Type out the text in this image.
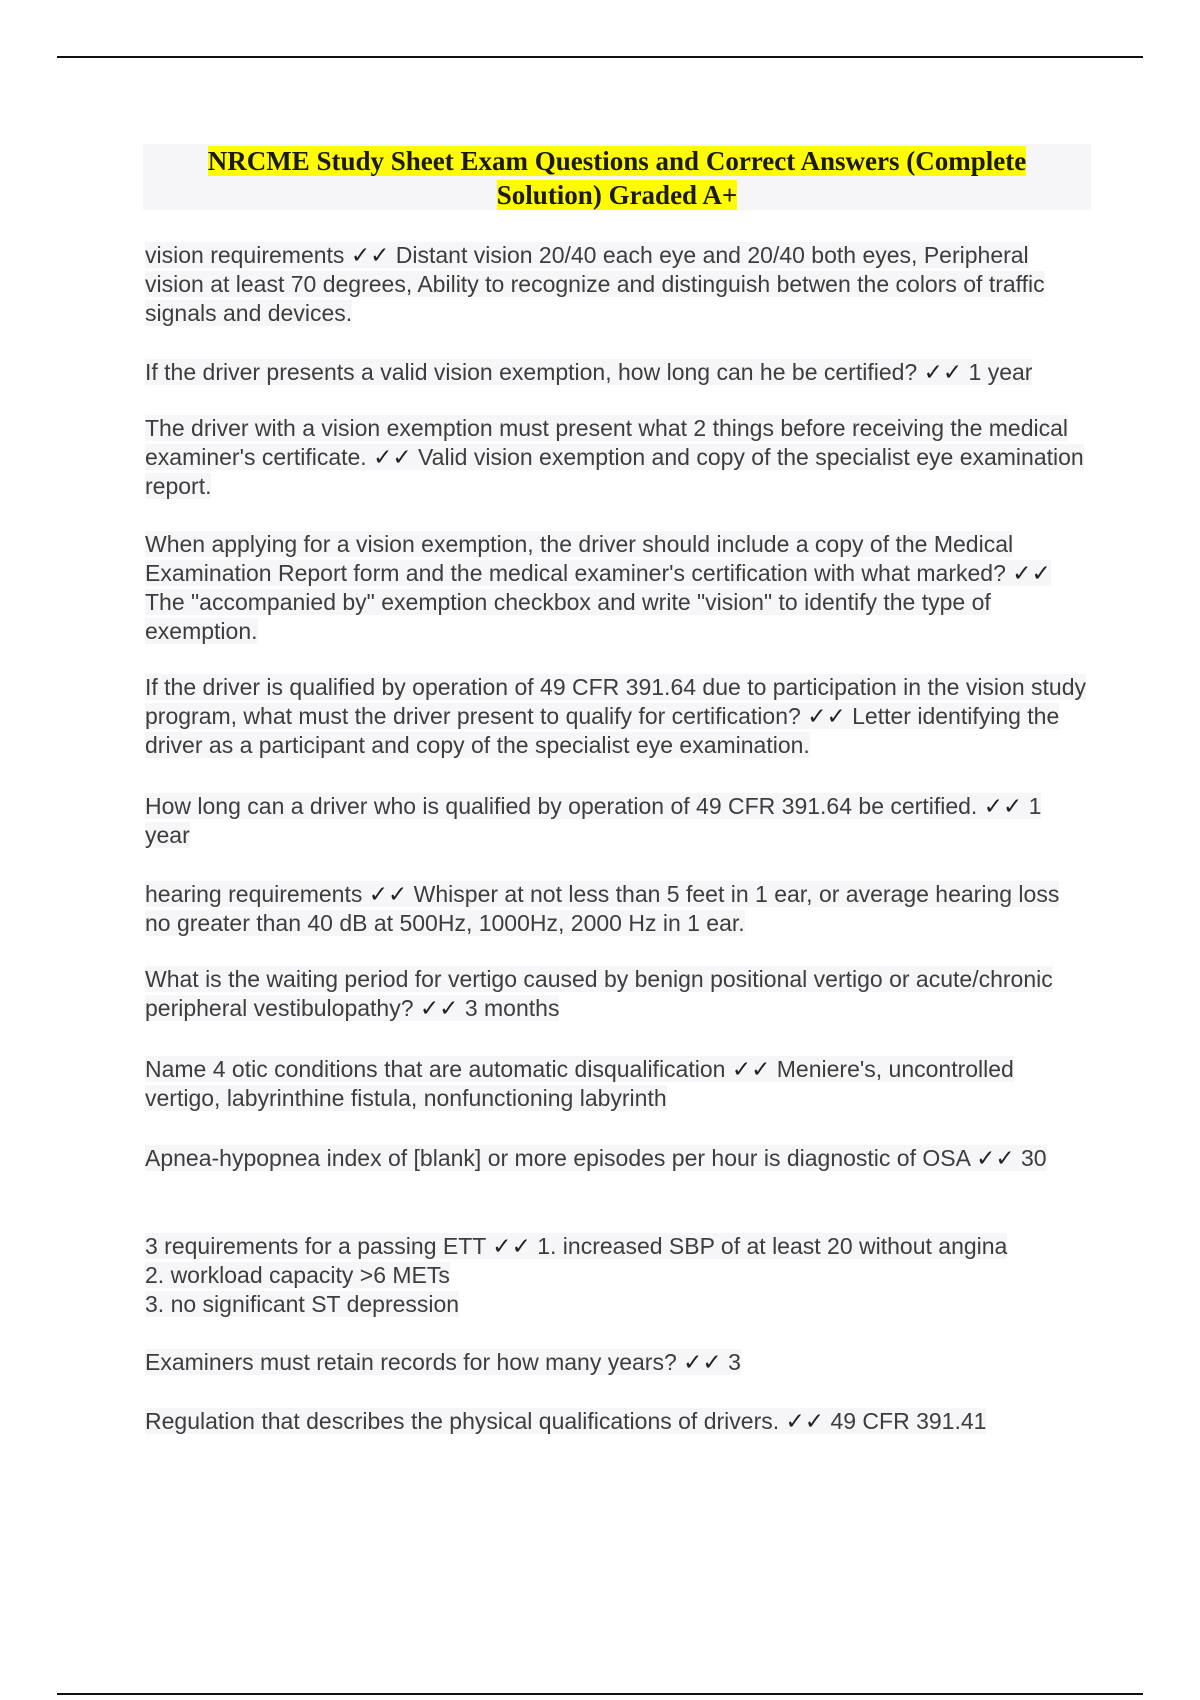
NRCME Study Sheet Exam Questions and Correct Answers (Complete
Solution) Graded A+
vision requirements ✓✓ Distant vision 20/40 each eye and 20/40 both eyes, Peripheral vision at least 70 degrees, Ability to recognize and distinguish betwen the colors of traffic signals and devices.
If the driver presents a valid vision exemption, how long can he be certified? ✓✓ 1 year
The driver with a vision exemption must present what 2 things before receiving the medical examiner's certificate. ✓✓ Valid vision exemption and copy of the specialist eye examination report.
When applying for a vision exemption, the driver should include a copy of the Medical Examination Report form and the medical examiner's certification with what marked? ✓✓ The "accompanied by" exemption checkbox and write "vision" to identify the type of exemption.
If the driver is qualified by operation of 49 CFR 391.64 due to participation in the vision study program, what must the driver present to qualify for certification? ✓✓ Letter identifying the driver as a participant and copy of the specialist eye examination.
How long can a driver who is qualified by operation of 49 CFR 391.64 be certified. ✓✓ 1 year
hearing requirements ✓✓ Whisper at not less than 5 feet in 1 ear, or average hearing loss no greater than 40 dB at 500Hz, 1000Hz, 2000 Hz in 1 ear.
What is the waiting period for vertigo caused by benign positional vertigo or acute/chronic peripheral vestibulopathy? ✓✓ 3 months
Name 4 otic conditions that are automatic disqualification ✓✓ Meniere's, uncontrolled vertigo, labyrinthine fistula, nonfunctioning labyrinth
Apnea-hypopnea index of [blank] or more episodes per hour is diagnostic of OSA ✓✓ 30
3 requirements for a passing ETT ✓✓ 1. increased SBP of at least 20 without angina
2. workload capacity >6 METs
3. no significant ST depression
Examiners must retain records for how many years? ✓✓ 3
Regulation that describes the physical qualifications of drivers. ✓✓ 49 CFR 391.41
